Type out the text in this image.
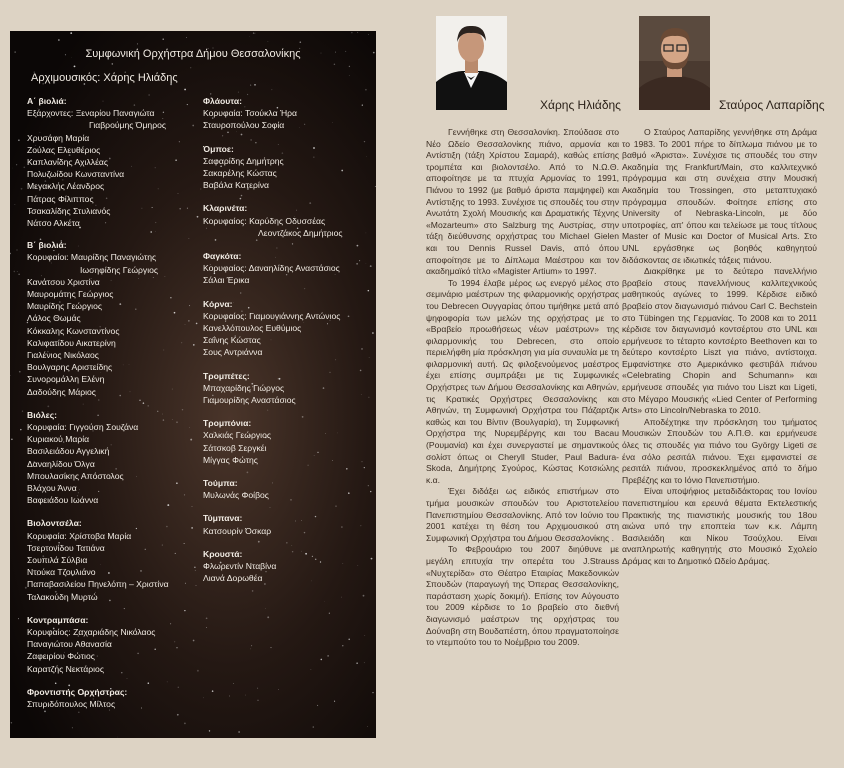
Συμφωνική Ορχήστρα Δήμου Θεσσαλονίκης
Αρχιμουσικός: Χάρης Ηλιάδης
Α΄ βιολιά:
Εξάρχοντες: Ξεναρίου Παναγιώτα
Γιαβρούμης Όμηρος
Χρυσάφη Μαρία
Ζούλας Ελευθέριος
Καπλανίδης Αχιλλέας
Πολυζωίδου Κωνσταντίνα
Μεγακλής Λέανδρος
Πάτρας Φίλιππος
Τσακαλίδης Στυλιανός
Νάτσο Αλκέτα
Β΄ βιολιά:
Κορυφαίοι: Μαυρίδης Παναγιώτης
Ιωσηφίδης Γεώργιος
Κανάτσου Χριστίνα
Μαυρομάτης Γεώργιος
Μαυρίδης Γεώργιος
Λάλος Θωμάς
Κόκκαλης Κωνσταντίνος
Καλιφατίδου Αικατερίνη
Γιαλένιος Νικόλαος
Βουλγαρης Αριστείδης
Συνορομάλλη Ελένη
Δαδούδης Μάριος
Βιόλες:
Κορυφαία: Γιγγούση Σουζάνα
Κυριακού Μαρία
Βασιλειάδου Αγγελική
Δαναηλίδου Όλγα
Μπουλασίκης Απόστολος
Βλάχου Άννα
Βαφειάδου Ιωάννα
Βιολοντσέλα:
Κορυφαία: Χρίστοβα Μαρία
Τσερτονίδου Τατιάνα
Σουπιλά Σύλβια
Ντούκα Τζουλιάνο
Παπαβασιλείου Πηνελόπη – Χριστίνα
Ταλακούδη Μυρτώ
Κοντραμπάσα:
Κορυφαίος: Ζαχαριάδης Νικόλαος
Παναγιώτου Αθανασία
Ζαφειρίου Φώτιος
Καρατζής Νεκτάριος
Φροντιστής Ορχήστρας:
Σπυριδόπουλος Μίλτος
Φλάουτα:
Κορυφαία: Τσούκλα Ήρα
Σταυροπούλου Σοφία
Όμποε:
Σαφαρίδης Δημήτρης
Σακαρέλης Κώστας
Βαβάλα Κατερίνα
Κλαρινέτα:
Κορυφαίος: Καρύδης Οδυσσέας
Λεοντζάκος Δημήτριος
Φαγκότα:
Κορυφαίος: Δαναηλίδης Αναστάσιος
Σάλαι Έρικα
Κόρνα:
Κορυφαίος: Γιαμουγιάννης Αντώνιος
Κανελλόπουλος Ευθύμιος
Σαΐνης Κώστας
Σους Αντριάννα
Τρομπέτες:
Μπαχαρίδης Γιώργος
Γιαμουρίδης Αναστάσιος
Τρομπόνια:
Χαλκιάς Γεώργιος
Σάτσκοβ Σεργκέι
Μίγγας Φώτης
Τούμπα:
Μυλωνάς Φοίβος
Τύμπανα:
Κατσουρίν Όσκαρ
Κρουστά:
Φλωρεντίν Νταβίνα
Λιανά Δορωθέα
Χάρης Ηλιάδης	Σταύρος Λαπαρίδης

Γεννήθηκε στη Θεσσαλονίκη. Σπούδασε στο Νέο Ωδείο Θεσσαλονίκης πιάνο, αρμονία και Αντίστιξη (τάξη Χρίστου Σαμαρά), καθώς επίσης τρομπέτα και βιολοντσέλο. Από το Ν.Ω.Θ. αποφοίτησε με τα πτυχία Αρμονίας το 1991, Πιάνου το 1992 (με βαθμό άριστα παμψηφεί) και Αντίστιξης το 1993. Συνέχισε τις σπουδές του στην Ανωτάτη Σχολή Μουσικής και Δραματικής Τέχνης «Mozarteum» στο Salzburg της Αυστρίας, στην τάξη διεύθυνσης ορχήστρας του Michael Gielen και του Dennis Russel Davis, από όπου αποφοίτησε με το Δίπλωμα Μαέστρου και τον ακαδημαϊκό τίτλο «Magister Artium» το 1997.

Το 1994 έλαβε μέρος ως ενεργό μέλος στο σεμινάριο μαέστρων της φιλαρμονικής ορχήστρας του Debrecen Ουγγαρίας όπου τιμήθηκε μετά από ψηφοφορία των μελών της ορχήστρας με το «Βραβείο προωθήσεως νέων μαέστρων» της φιλαρμονικής του Debrecen, στο οποίο περιελήφθη μία πρόσκληση για μία συναυλία με τη φιλαρμονική αυτή. Ως φιλοξενούμενος μαέστρος έχει επίσης συμπράξει με τις Συμφωνικές Ορχήστρες των Δήμου Θεσσαλονίκης και Αθηνών, τις Κρατικές Ορχήστρες Θεσσαλονίκης και Αθηνών, τη Συμφωνική Ορχήστρα του Πάζαρτζικ καθώς και του Βίντιν (Βουλγαρία), τη Συμφωνική Ορχήστρα της Νυρεμβέργης και του Bacau (Ρουμανία) και έχει συνεργαστεί με σημαντικούς σολίστ όπως οι Cheryll Studer, Paul Badura-Skoda, Δημήτρης Σγούρος, Κώστας Κοτσιώλης κ.α.

Έχει διδάξει ως ειδικός επιστήμων στο τμήμα μουσικών σπουδών του Αριστοτελείου Πανεπιστημίου Θεσσαλονίκης. Από τον Ιούνιο του 2001 κατέχει τη θέση του Αρχιμουσικού στη Συμφωνική Ορχήστρα του Δήμου Θεσσαλονίκης .

Το Φεβρουάριο του 2007 διηύθυνε με μεγάλη επιτυχία την οπερέτα του J.Strauss «Νυχτερίδα» στο Θέατρο Εταιρίας Μακεδονικών Σπουδών (παραγωγή της Όπερας Θεσσαλονίκης, παράσταση χωρίς δοκιμή). Επίσης τον Αύγουστο του 2009 κέρδισε το 1ο βραβείο στο διεθνή διαγωνισμό μαέστρων της ορχήστρας του Δούναβη στη Βουδαπέστη, όπου πραγματοποίησε το ντεμπούτο του το Νοέμβριο του 2009.

Ο Σταύρος Λαπαρίδης γεννήθηκε στη Δράμα το 1983. Το 2001 πήρε το δίπλωμα πιάνου με το βαθμό «Άριστα». Συνέχισε τις σπουδές του στην Ακαδημία της Frankfurt/Main, στο καλλιτεχνικό πρόγραμμα και στη συνέχεια στην Μουσική Ακαδημία του Trossingen, στο μεταπτυχιακό πρόγραμμα σπουδών. Φοίτησε επίσης στο University of Nebraska-Lincoln, με δύο υποτροφίες, απ' όπου και τελείωσε με τους τίτλους Master of Music και Doctor of Musical Arts. Στο UNL εργάσθηκε ως βοηθός καθηγητού διδάσκοντας σε ιδιωτικές τάξεις πιάνου.

Διακρίθηκε με το δεύτερο πανελλήνιο βραβείο στους πανελλήνιους καλλιτεχνικούς μαθητικούς αγώνες το 1999. Κέρδισε ειδικό βραβείο στον διαγωνισμό πιάνου Carl C. Bechstein στο Tübingen της Γερμανίας. Το 2008 και το 2011 κέρδισε τον διαγωνισμό κοντσέρτου στο UNL και ερμήνευσε το τέταρτο κοντσέρτο Beethoven και το δεύτερο κοντσέρτο Liszt για πιάνο, αντίστοιχα. Εμφανίστηκε στο Αμερικάνικο φεστιβάλ πιάνου «Celebrating Chopin and Schumann» και ερμήνευσε σπουδές για πιάνο του Liszt και Ligeti, στο Μέγαρο Μουσικής «Lied Center of Performing Arts» στο Lincoln/Nebraska το 2010.

Αποδέχτηκε την πρόσκληση του τμήματος Μουσικών Σπουδών του Α.Π.Θ. και ερμήνευσε όλες τις σπουδές για πιάνο του György Ligeti σε ένα σόλο ρεσιτάλ πιάνου. Έχει εμφανιστεί σε ρεσιτάλ πιάνου, προσκεκλημένος από το δήμο Πρεβέζης και το Ιόνιο Πανεπιστήμιο.

Είναι υποψήφιος μεταδιδάκτορας του Ιονίου πανεπιστημίου και ερευνά θέματα Εκτελεστικής Πρακτικής της πιανιστικής μουσικής του 18ου αιώνα υπό την εποπτεία των κ.κ. Λάμπη Βασιλειάδη και Νίκου Τσούχλου. Είναι αναπληρωτής καθηγητής στο Μουσικό Σχολείο Δράμας και το Δημοτικό Ωδείο Δράμας.
